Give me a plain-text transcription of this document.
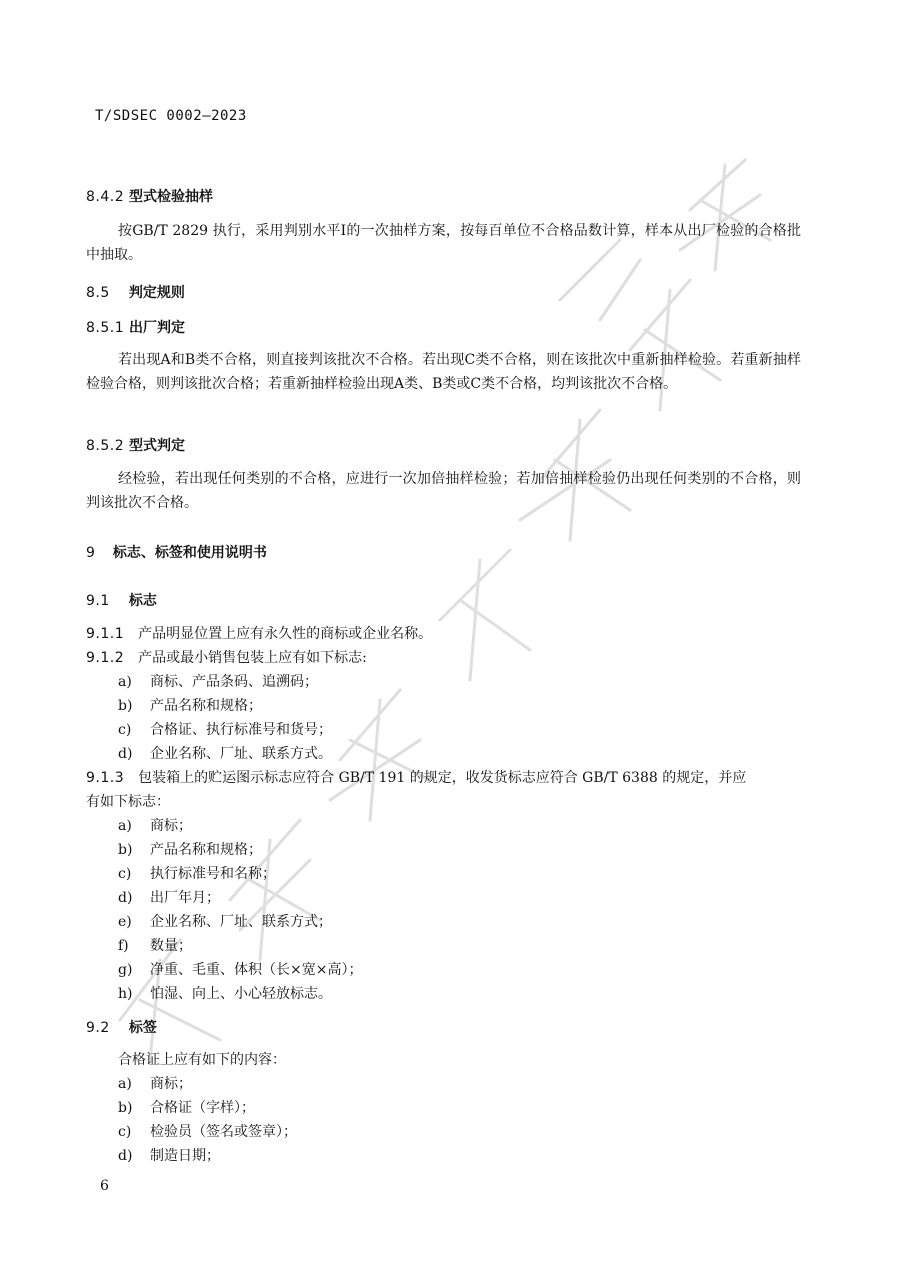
T/SDSEC 0002—2023
8.4.2 型式检验抽样
按GB/T 2829 执行，采用判别水平I的一次抽样方案，按每百单位不合格品数计算，样本从出厂检验的合格批中抽取。
8.5 判定规则
8.5.1 出厂判定
若出现A和B类不合格，则直接判该批次不合格。若出现C类不合格，则在该批次中重新抽样检验。若重新抽样检验合格，则判该批次合格；若重新抽样检验出现A类、B类或C类不合格，均判该批次不合格。
8.5.2 型式判定
经检验，若出现任何类别的不合格，应进行一次加倍抽样检验；若加倍抽样检验仍出现任何类别的不合格，则判该批次不合格。
9 标志、标签和使用说明书
9.1 标志
9.1.1 产品明显位置上应有永久性的商标或企业名称。
9.1.2 产品或最小销售包装上应有如下标志:
a) 商标、产品条码、追溯码；
b) 产品名称和规格；
c) 合格证、执行标准号和货号；
d) 企业名称、厂址、联系方式。
9.1.3 包装箱上的贮运图示标志应符合 GB/T 191 的规定，收发货标志应符合 GB/T 6388 的规定，并应
有如下标志：
a) 商标；
b) 产品名称和规格；
c) 执行标准号和名称；
d) 出厂年月；
e) 企业名称、厂址、联系方式；
f) 数量；
g) 净重、毛重、体积（长×宽×高）；
h) 怕湿、向上、小心轻放标志。
9.2 标签
合格证上应有如下的内容：
a) 商标；
b) 合格证（字样）；
c) 检验员（签名或签章）；
d) 制造日期；
6
